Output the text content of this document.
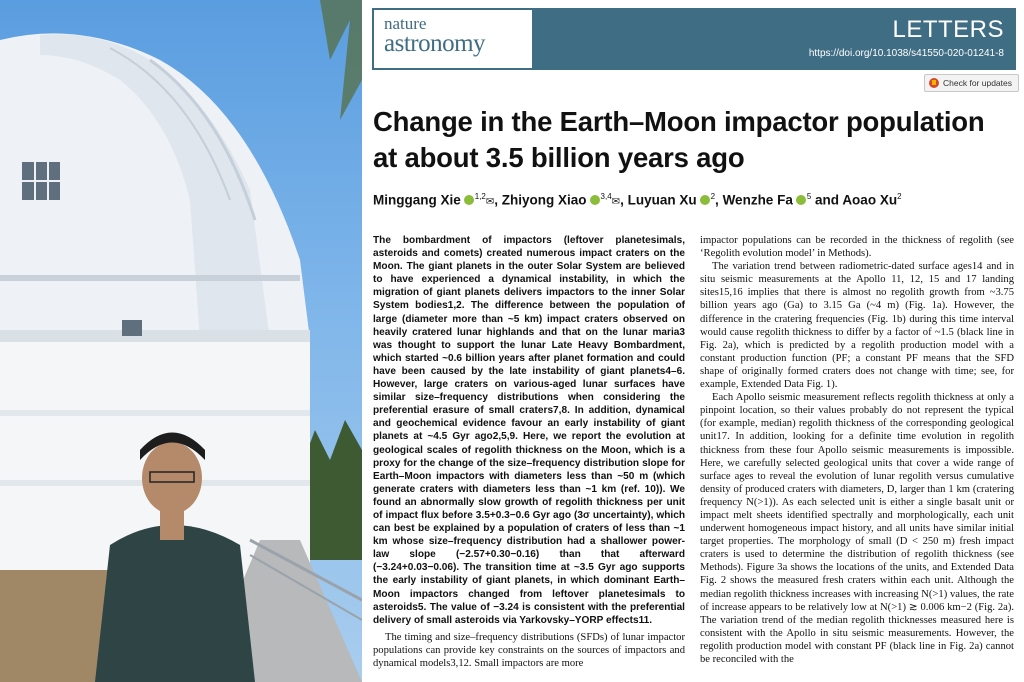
nature
astronomy
LETTERS
https://doi.org/10.1038/s41550-020-01241-8
Check for updates
Change in the Earth–Moon impactor population at about 3.5 billion years ago
Minggang Xie $^{1,2}$✉, Zhiyong Xiao $^{3,4}$✉, Luyuan Xu $^2$, Wenzhe Fa $^5$ and Aoao Xu$^2$

The bombardment of impactors (leftover planetesimals, asteroids and comets) created numerous impact craters on the Moon. The giant planets in the outer Solar System are believed to have experienced a dynamical instability, in which the migration of giant planets delivers impactors to the inner Solar System bodies1,2. The difference between the population of large (diameter more than ~5 km) impact craters observed on heavily cratered lunar highlands and that on the lunar maria3 was thought to support the lunar Late Heavy Bombardment, which started ~0.6 billion years after planet formation and could have been caused by the late instability of giant planets4–6. However, large craters on various-aged lunar surfaces have similar size–frequency distributions when considering the preferential erasure of small craters7,8. In addition, dynamical and geochemical evidence favour an early instability of giant planets at ~4.5 Gyr ago2,5,9. Here, we report the evolution at geological scales of regolith thickness on the Moon, which is a proxy for the change of the size–frequency distribution slope for Earth–Moon impactors with diameters less than ~50 m (which generate craters with diameters less than ~1 km (ref. 10)). We found an abnormally slow growth of regolith thickness per unit of impact flux before 3.5+0.3−0.6 Gyr ago (3σ uncertainty), which can best be explained by a population of craters of less than ~1 km whose size–frequency distribution had a shallower power-law slope (−2.57+0.30−0.16) than that afterward (−3.24+0.03−0.06). The transition time at ~3.5 Gyr ago supports the early instability of giant planets, in which dominant Earth–Moon impactors changed from leftover planetesimals to asteroids5. The value of −3.24 is consistent with the preferential delivery of small asteroids via Yarkovsky–YORP effects11.

The timing and size–frequency distributions (SFDs) of lunar impactor populations can provide key constraints on the sources of impactors and dynamical models3,12. Small impactors are more

impactor populations can be recorded in the thickness of regolith (see ‘Regolith evolution model’ in Methods).

The variation trend between radiometric-dated surface ages14 and in situ seismic measurements at the Apollo 11, 12, 15 and 17 landing sites15,16 implies that there is almost no regolith growth from ~3.75 billion years ago (Ga) to 3.15 Ga (~4 m) (Fig. 1a). However, the difference in the cratering frequencies (Fig. 1b) during this time interval would cause regolith thickness to differ by a factor of ~1.5 (black line in Fig. 2a), which is predicted by a regolith production model with a constant production function (PF; a constant PF means that the SFD shape of originally formed craters does not change with time; see, for example, Extended Data Fig. 1).

Each Apollo seismic measurement reflects regolith thickness at only a pinpoint location, so their values probably do not represent the typical (for example, median) regolith thickness of the corresponding geological unit17. In addition, looking for a definite time evolution in regolith thickness from these four Apollo seismic measurements is impossible. Here, we carefully selected geological units that cover a wide range of surface ages to reveal the evolution of lunar regolith versus cumulative density of produced craters with diameters, D, larger than 1 km (cratering frequency N(>1)). As each selected unit is either a single basalt unit or impact melt sheets identified spectrally and morphologically, each unit underwent homogeneous impact history, and all units have similar initial target properties. The morphology of small (D < 250 m) fresh impact craters is used to determine the distribution of regolith thickness (see Methods). Figure 3a shows the locations of the units, and Extended Data Fig. 2 shows the measured fresh craters within each unit. Although the median regolith thickness increases with increasing N(>1) values, the rate of increase appears to be relatively low at N(>1) ≳ 0.006 km−2 (Fig. 2a). The variation trend of the median regolith thicknesses measured here is consistent with the Apollo in situ seismic measurements. However, the regolith production model with constant PF (black line in Fig. 2a) cannot be reconciled with the
